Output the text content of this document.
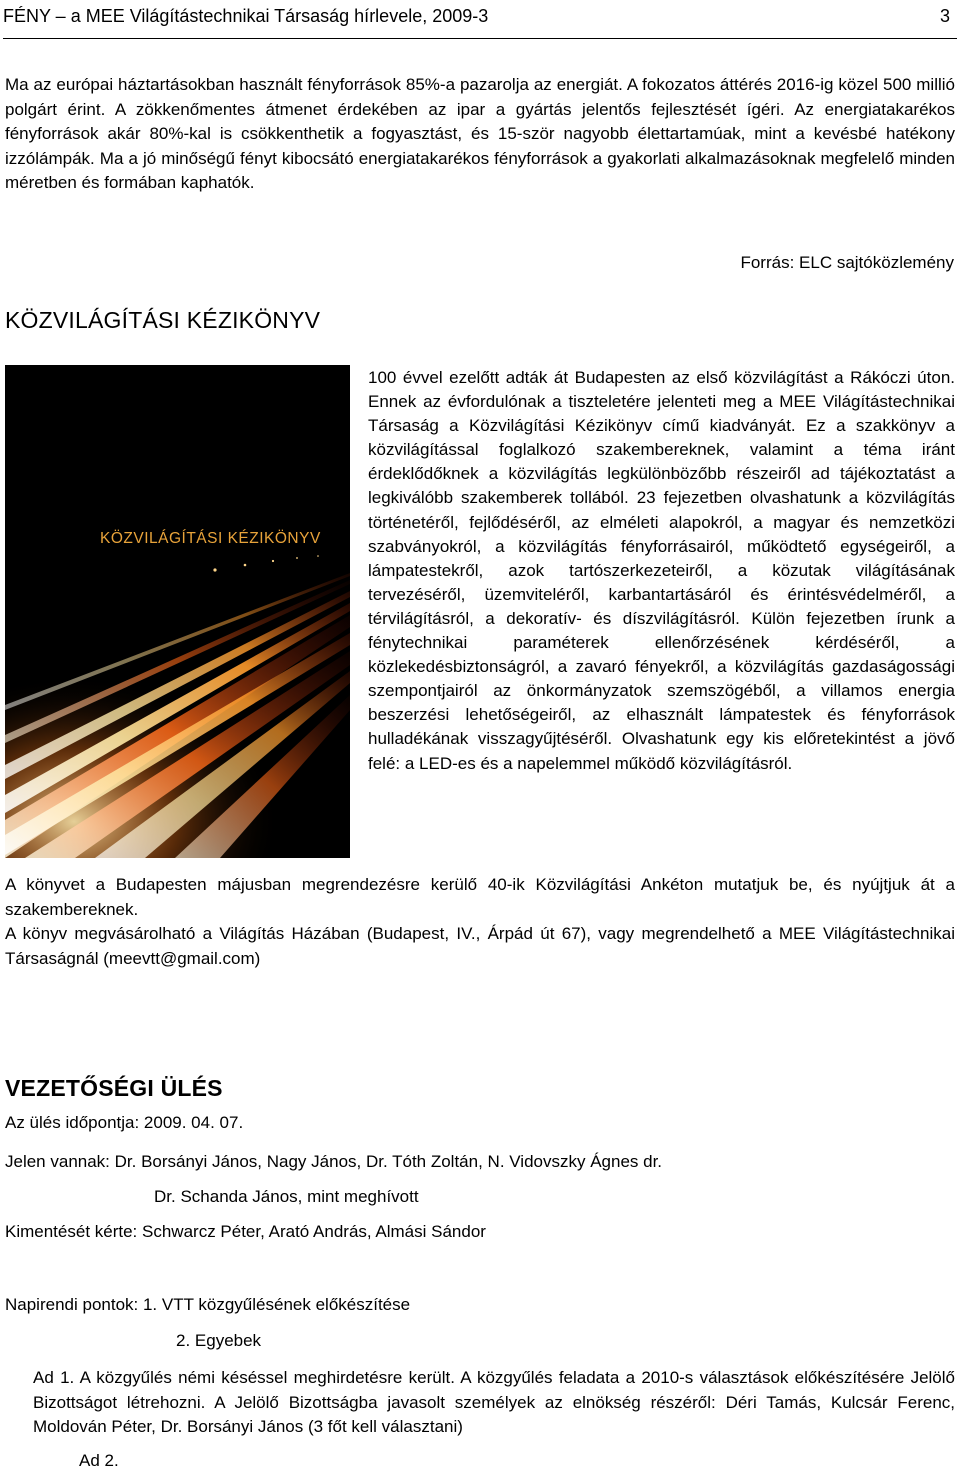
FÉNY – a MEE Világítástechnikai Társaság hírlevele, 2009-3	3
Ma az európai háztartásokban használt fényforrások 85%-a pazarolja az energiát. A fokozatos áttérés 2016-ig közel 500 millió polgárt érint. A zökkenőmentes átmenet érdekében az ipar a gyártás jelentős fejlesztését ígéri. Az energiatakarékos fényforrások akár 80%-kal is csökkenthetik a fogyasztást, és 15-ször nagyobb élettartamúak, mint a kevésbé hatékony izzólámpák. Ma a jó minőségű fényt kibocsátó energiatakarékos fényforrások a gyakorlati alkalmazásoknak megfelelő minden méretben és formában kaphatók.
Forrás: ELC sajtóközlemény
KÖZVILÁGÍTÁSI KÉZIKÖNYV
KÖZVILÁGÍTÁSI KÉZIKÖNYV
100 évvel ezelőtt adták át Budapesten az első közvilágítást a Rákóczi úton. Ennek az évfordulónak a tiszteletére jelenteti meg a MEE Világítástechnikai Társaság a Közvilágítási Kézikönyv című kiadványát. Ez a szakkönyv a közvilágítással foglalkozó szakembereknek, valamint a téma iránt érdeklődőknek a közvilágítás legkülönbözőbb részeiről ad tájékoztatást a legkiválóbb szakemberek tollából. 23 fejezetben olvashatunk a közvilágítás történetéről, fejlődéséről, az elméleti alapokról, a magyar és nemzetközi szabványokról, a közvilágítás fényforrásairól, működtető egységeiről, a lámpatestekről, azok tartószerkezeteiről, a közutak világításának tervezéséről, üzemviteléről, karbantartásáról és érintésvédelméről, a térvilágításról, a dekoratív- és díszvilágításról. Külön fejezetben írunk a fénytechnikai paraméterek ellenőrzésének kérdéséről, a közlekedésbiztonságról, a zavaró fényekről, a közvilágítás gazdaságossági szempontjairól az önkormányzatok szemszögéből, a villamos energia beszerzési lehetőségeiről, az elhasznált lámpatestek és fényforrások hulladékának visszagyűjtéséről. Olvashatunk egy kis előretekintést a jövő felé: a LED-es és a napelemmel működő közvilágításról.
A könyvet a Budapesten májusban megrendezésre kerülő 40-ik Közvilágítási Ankéton mutatjuk be, és nyújtjuk át a szakembereknek.
A könyv megvásárolható a Világítás Házában (Budapest, IV., Árpád út 67), vagy megrendelhető a MEE Világítástechnikai Társaságnál (meevtt@gmail.com)
VEZETŐSÉGI ÜLÉS
Az ülés időpontja: 2009. 04. 07.
Jelen vannak: Dr. Borsányi János, Nagy János, Dr. Tóth Zoltán, N. Vidovszky Ágnes dr.
Dr. Schanda János, mint meghívott
Kimentését kérte: Schwarcz Péter, Arató András, Almási Sándor
Napirendi pontok: 1. VTT közgyűlésének előkészítése
2. Egyebek
Ad 1. A közgyűlés némi késéssel meghirdetésre került. A közgyűlés feladata a 2010-s választások előkészítésére Jelölő Bizottságot létrehozni. A Jelölő Bizottságba javasolt személyek az elnökség részéről: Déri Tamás, Kulcsár Ferenc, Moldován Péter, Dr. Borsányi János (3 főt kell választani)
Ad 2.
